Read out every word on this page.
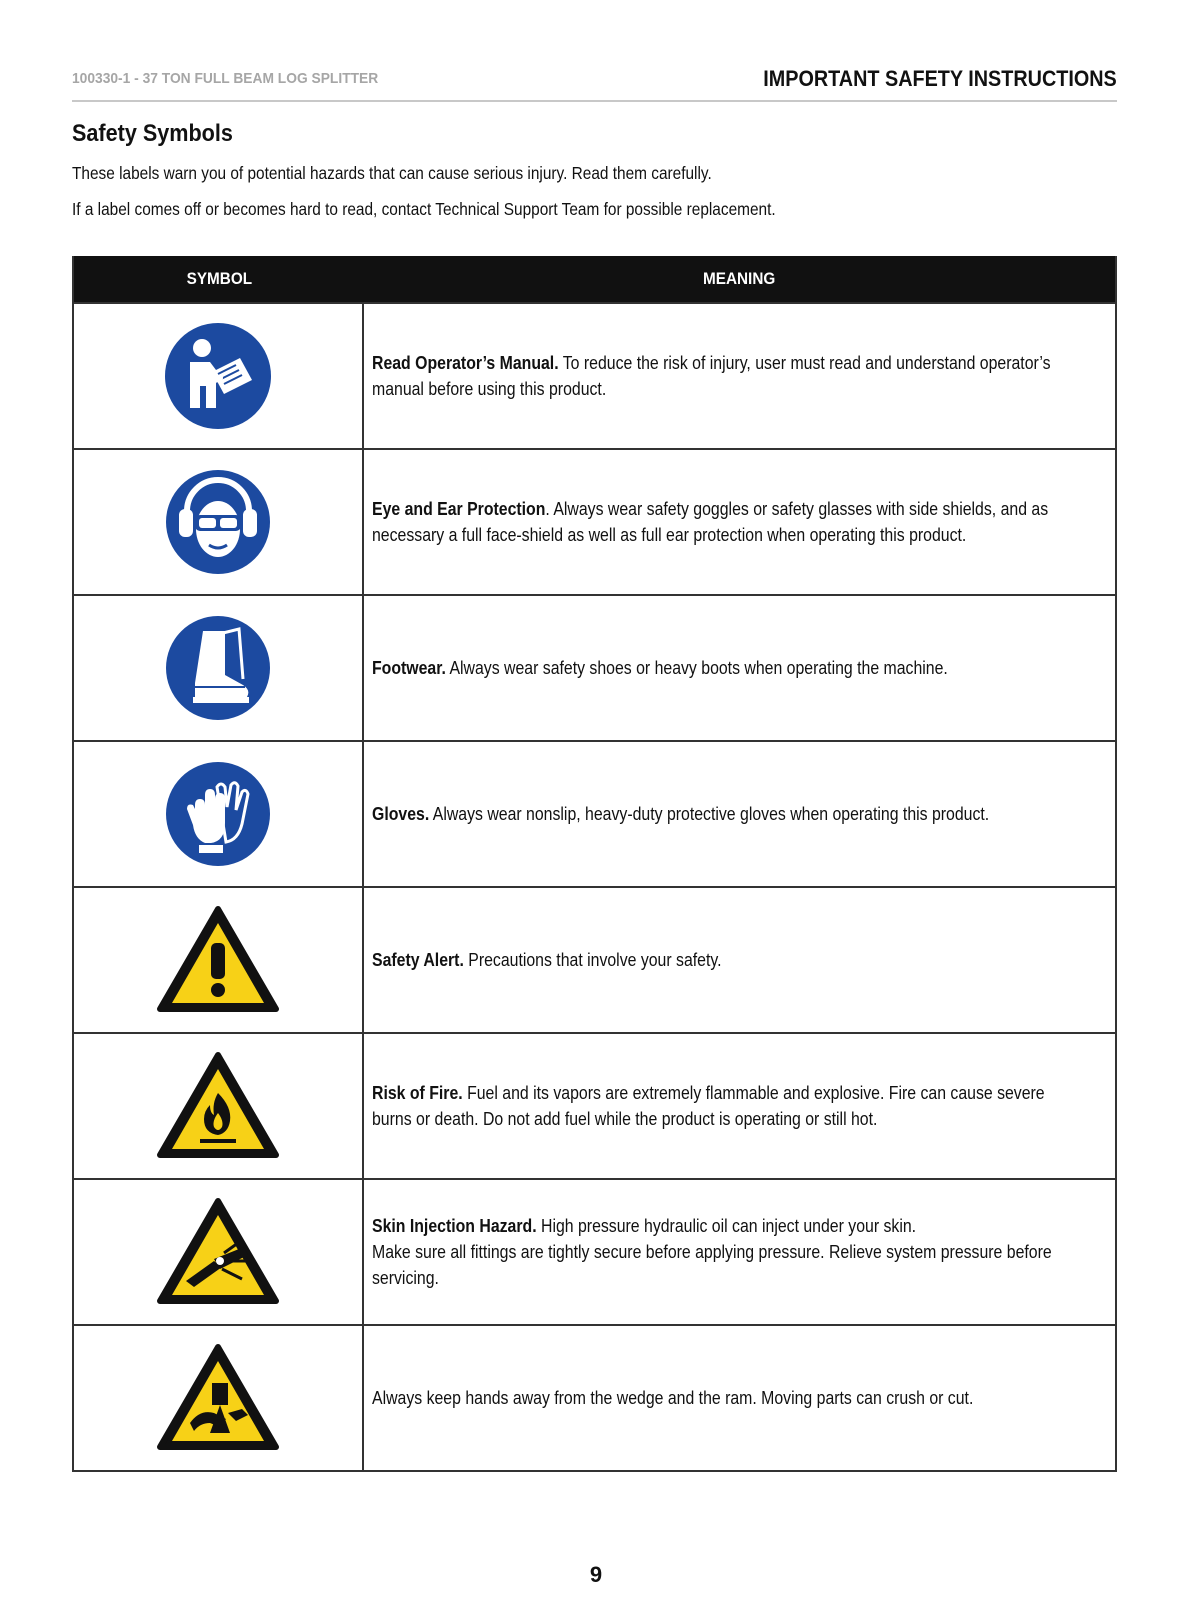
100330-1 - 37 TON FULL BEAM LOG SPLITTER	IMPORTANT SAFETY INSTRUCTIONS
Safety Symbols
These labels warn you of potential hazards that can cause serious injury. Read them carefully.
If a label comes off or becomes hard to read, contact Technical Support Team for possible replacement.
SYMBOL	MEANING
Read Operator’s Manual. To reduce the risk of injury, user must read and understand operator’s manual before using this product.
Eye and Ear Protection. Always wear safety goggles or safety glasses with side shields, and as necessary a full face-shield as well as full ear protection when operating this product.
Footwear. Always wear safety shoes or heavy boots when operating the machine.
Gloves. Always wear nonslip, heavy-duty protective gloves when operating this product.
Safety Alert. Precautions that involve your safety.
Risk of Fire. Fuel and its vapors are extremely flammable and explosive. Fire can cause severe burns or death. Do not add fuel while the product is operating or still hot.
Skin Injection Hazard. High pressure hydraulic oil can inject under your skin.
Make sure all fittings are tightly secure before applying pressure. Relieve system pressure before servicing.
Always keep hands away from the wedge and the ram. Moving parts can crush or cut.
9
